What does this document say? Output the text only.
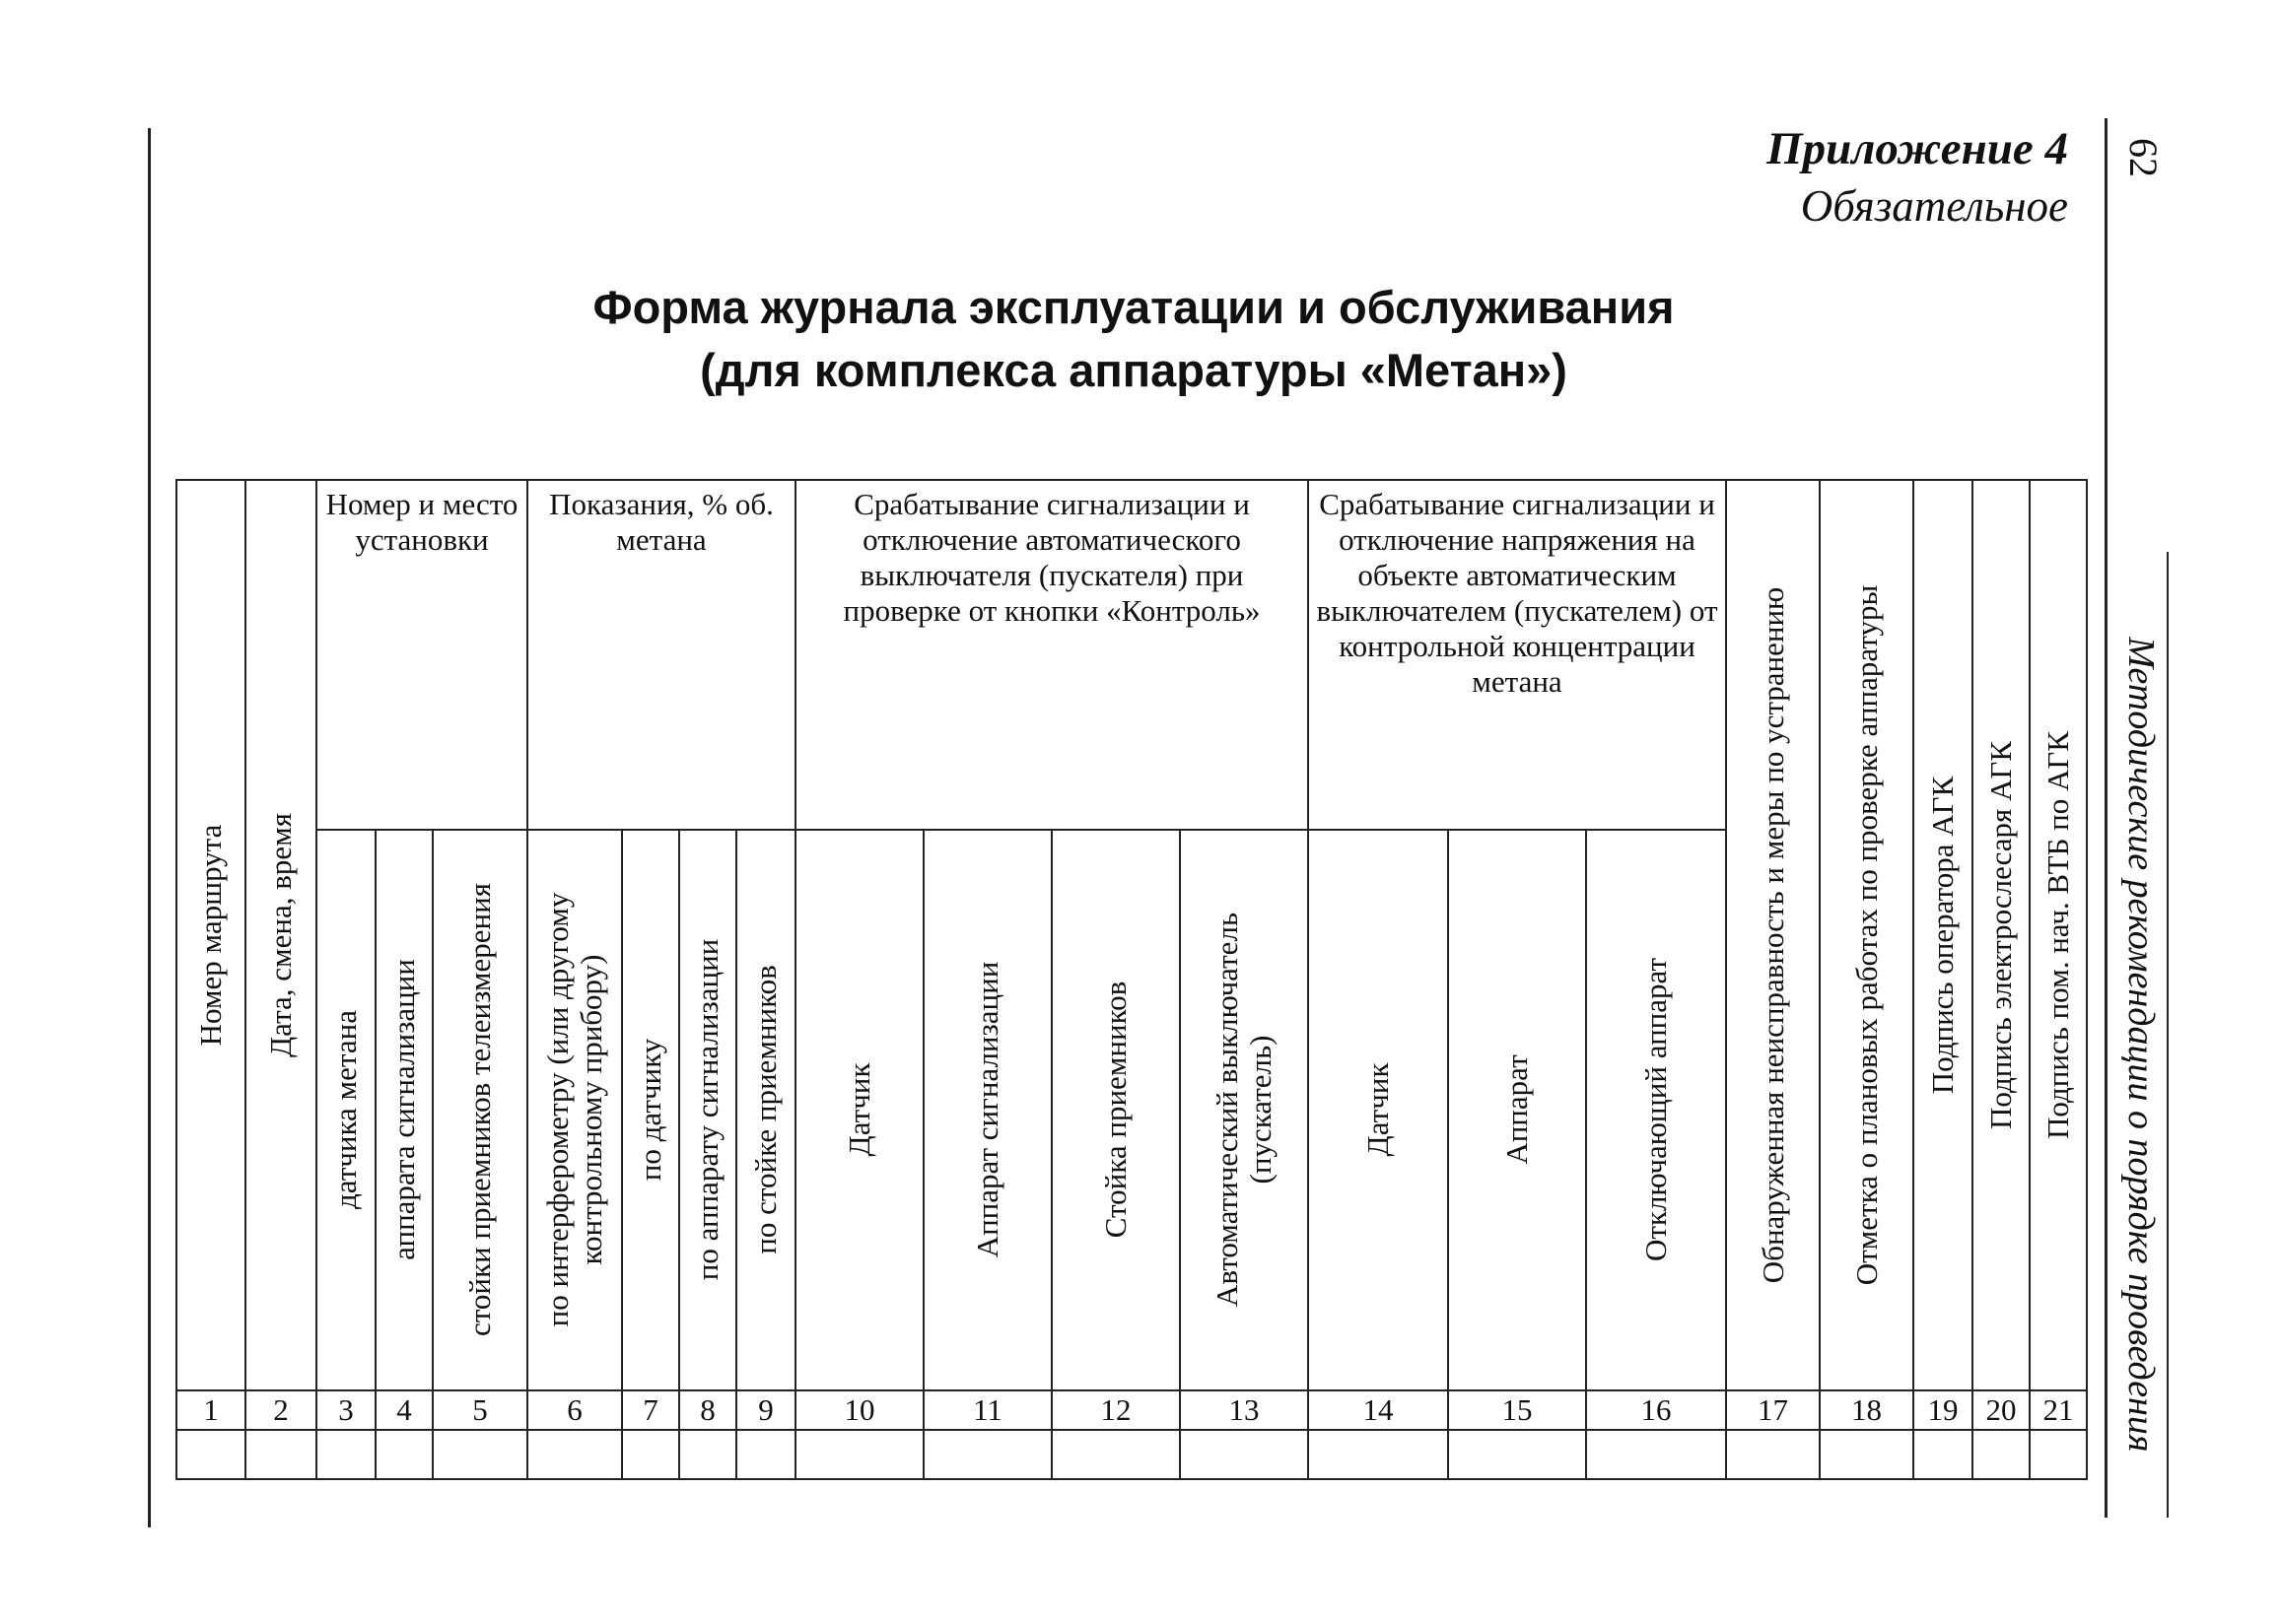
62
Приложение 4
Обязательное
Методические рекомендации о порядке проведения
Форма журнала эксплуатации и обслуживания
(для комплекса аппаратуры «Метан»)
Номер маршрута	Дата, смена, время	Номер и место установки			Показания, % об. метана				Срабатывание сигнализации и отключение автоматического выключателя (пускателя) при проверке от кнопки «Контроль»				Срабатывание сигнализации и отключение напряжения на объекте автоматическим выключателем (пускателем) от контрольной концентрации метана			Обнаруженная неисправность и меры по устранению	Отметка о плановых работах по проверке аппаратуры	Подпись оператора АГК	Подпись электрослесаря АГК	Подпись пом. нач. ВТБ по АГК

		датчика метана	аппарата сигнализации	стойки приемников телеизмерения	по интерферометру (или другому контрольному прибору)	по датчику	по аппарату сигнализации	по стойке приемников	Датчик	Аппарат сигнализации	Стойка приемников	Автоматический выключатель (пускатель)	Датчик	Аппарат	Отключающий аппарат					

1	2	3	4	5	6	7	8	9	10	11	12	13	14	15	16	17	18	19	20	21
